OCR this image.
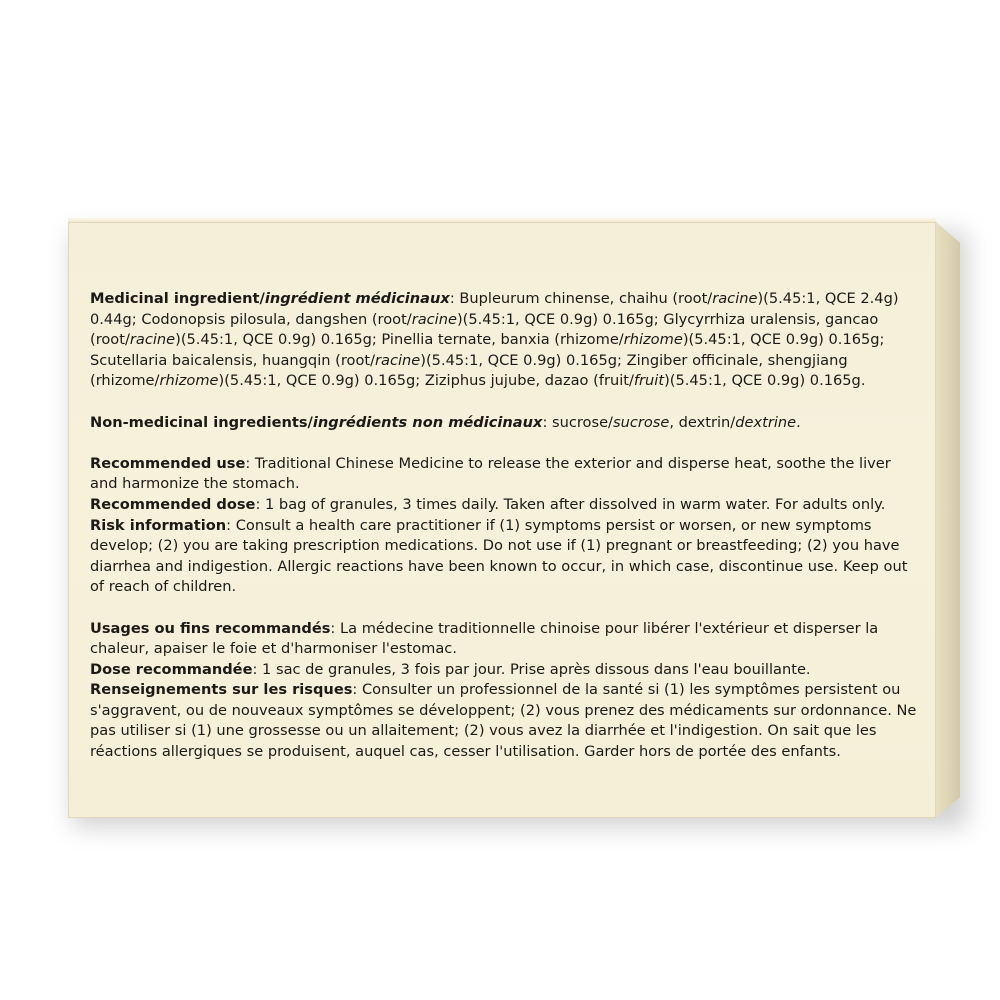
Medicinal ingredient/ingrédient médicinaux: Bupleurum chinense, chaihu (root/racine)(5.45:1, QCE 2.4g) 0.44g; Codonopsis pilosula, dangshen (root/racine)(5.45:1, QCE 0.9g) 0.165g; Glycyrrhiza uralensis, gancao (root/racine)(5.45:1, QCE 0.9g) 0.165g; Pinellia ternate, banxia (rhizome/rhizome)(5.45:1, QCE 0.9g) 0.165g; Scutellaria baicalensis, huangqin (root/racine)(5.45:1, QCE 0.9g) 0.165g; Zingiber officinale, shengjiang (rhizome/rhizome)(5.45:1, QCE 0.9g) 0.165g; Ziziphus jujube, dazao (fruit/fruit)(5.45:1, QCE 0.9g) 0.165g.

Non-medicinal ingredients/ingrédients non médicinaux: sucrose/sucrose, dextrin/dextrine.

Recommended use: Traditional Chinese Medicine to release the exterior and disperse heat, soothe the liver and harmonize the stomach.

Recommended dose: 1 bag of granules, 3 times daily. Taken after dissolved in warm water. For adults only.

Risk information: Consult a health care practitioner if (1) symptoms persist or worsen, or new symptoms develop; (2) you are taking prescription medications. Do not use if (1) pregnant or breastfeeding; (2) you have diarrhea and indigestion. Allergic reactions have been known to occur, in which case, discontinue use. Keep out of reach of children.

Usages ou fins recommandés: La médecine traditionnelle chinoise pour libérer l'extérieur et disperser la chaleur, apaiser le foie et d'harmoniser l'estomac.

Dose recommandée: 1 sac de granules, 3 fois par jour. Prise après dissous dans l'eau bouillante.

Renseignements sur les risques: Consulter un professionnel de la santé si (1) les symptômes persistent ou s'aggravent, ou de nouveaux symptômes se développent; (2) vous prenez des médicaments sur ordonnance. Ne pas utiliser si (1) une grossesse ou un allaitement; (2) vous avez la diarrhée et l'indigestion. On sait que les réactions allergiques se produisent, auquel cas, cesser l'utilisation. Garder hors de portée des enfants.
